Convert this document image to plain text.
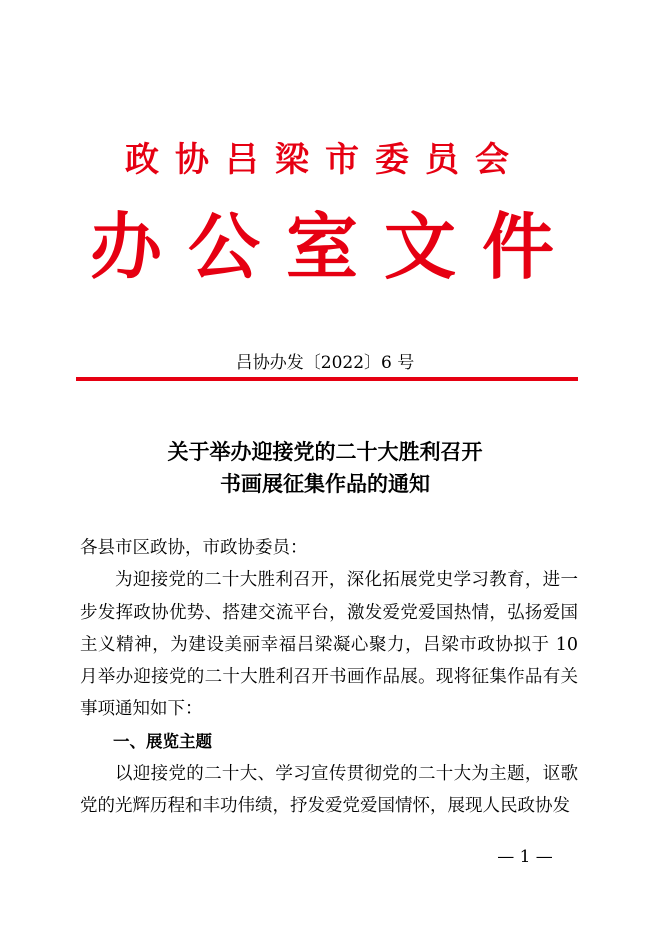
政协吕梁市委员会
办公室文件
吕协办发〔2022〕6 号
关于举办迎接党的二十大胜利召开
书画展征集作品的通知

各县市区政协，市政协委员：

为迎接党的二十大胜利召开，深化拓展党史学习教育，进一步发挥政协优势、搭建交流平台，激发爱党爱国热情，弘扬爱国主义精神，为建设美丽幸福吕梁凝心聚力，吕梁市政协拟于 10 月举办迎接党的二十大胜利召开书画作品展。现将征集作品有关事项通知如下：

一、展览主题

以迎接党的二十大、学习宣传贯彻党的二十大为主题，讴歌党的光辉历程和丰功伟绩，抒发爱党爱国情怀，展现人民政协发

— 1 —
